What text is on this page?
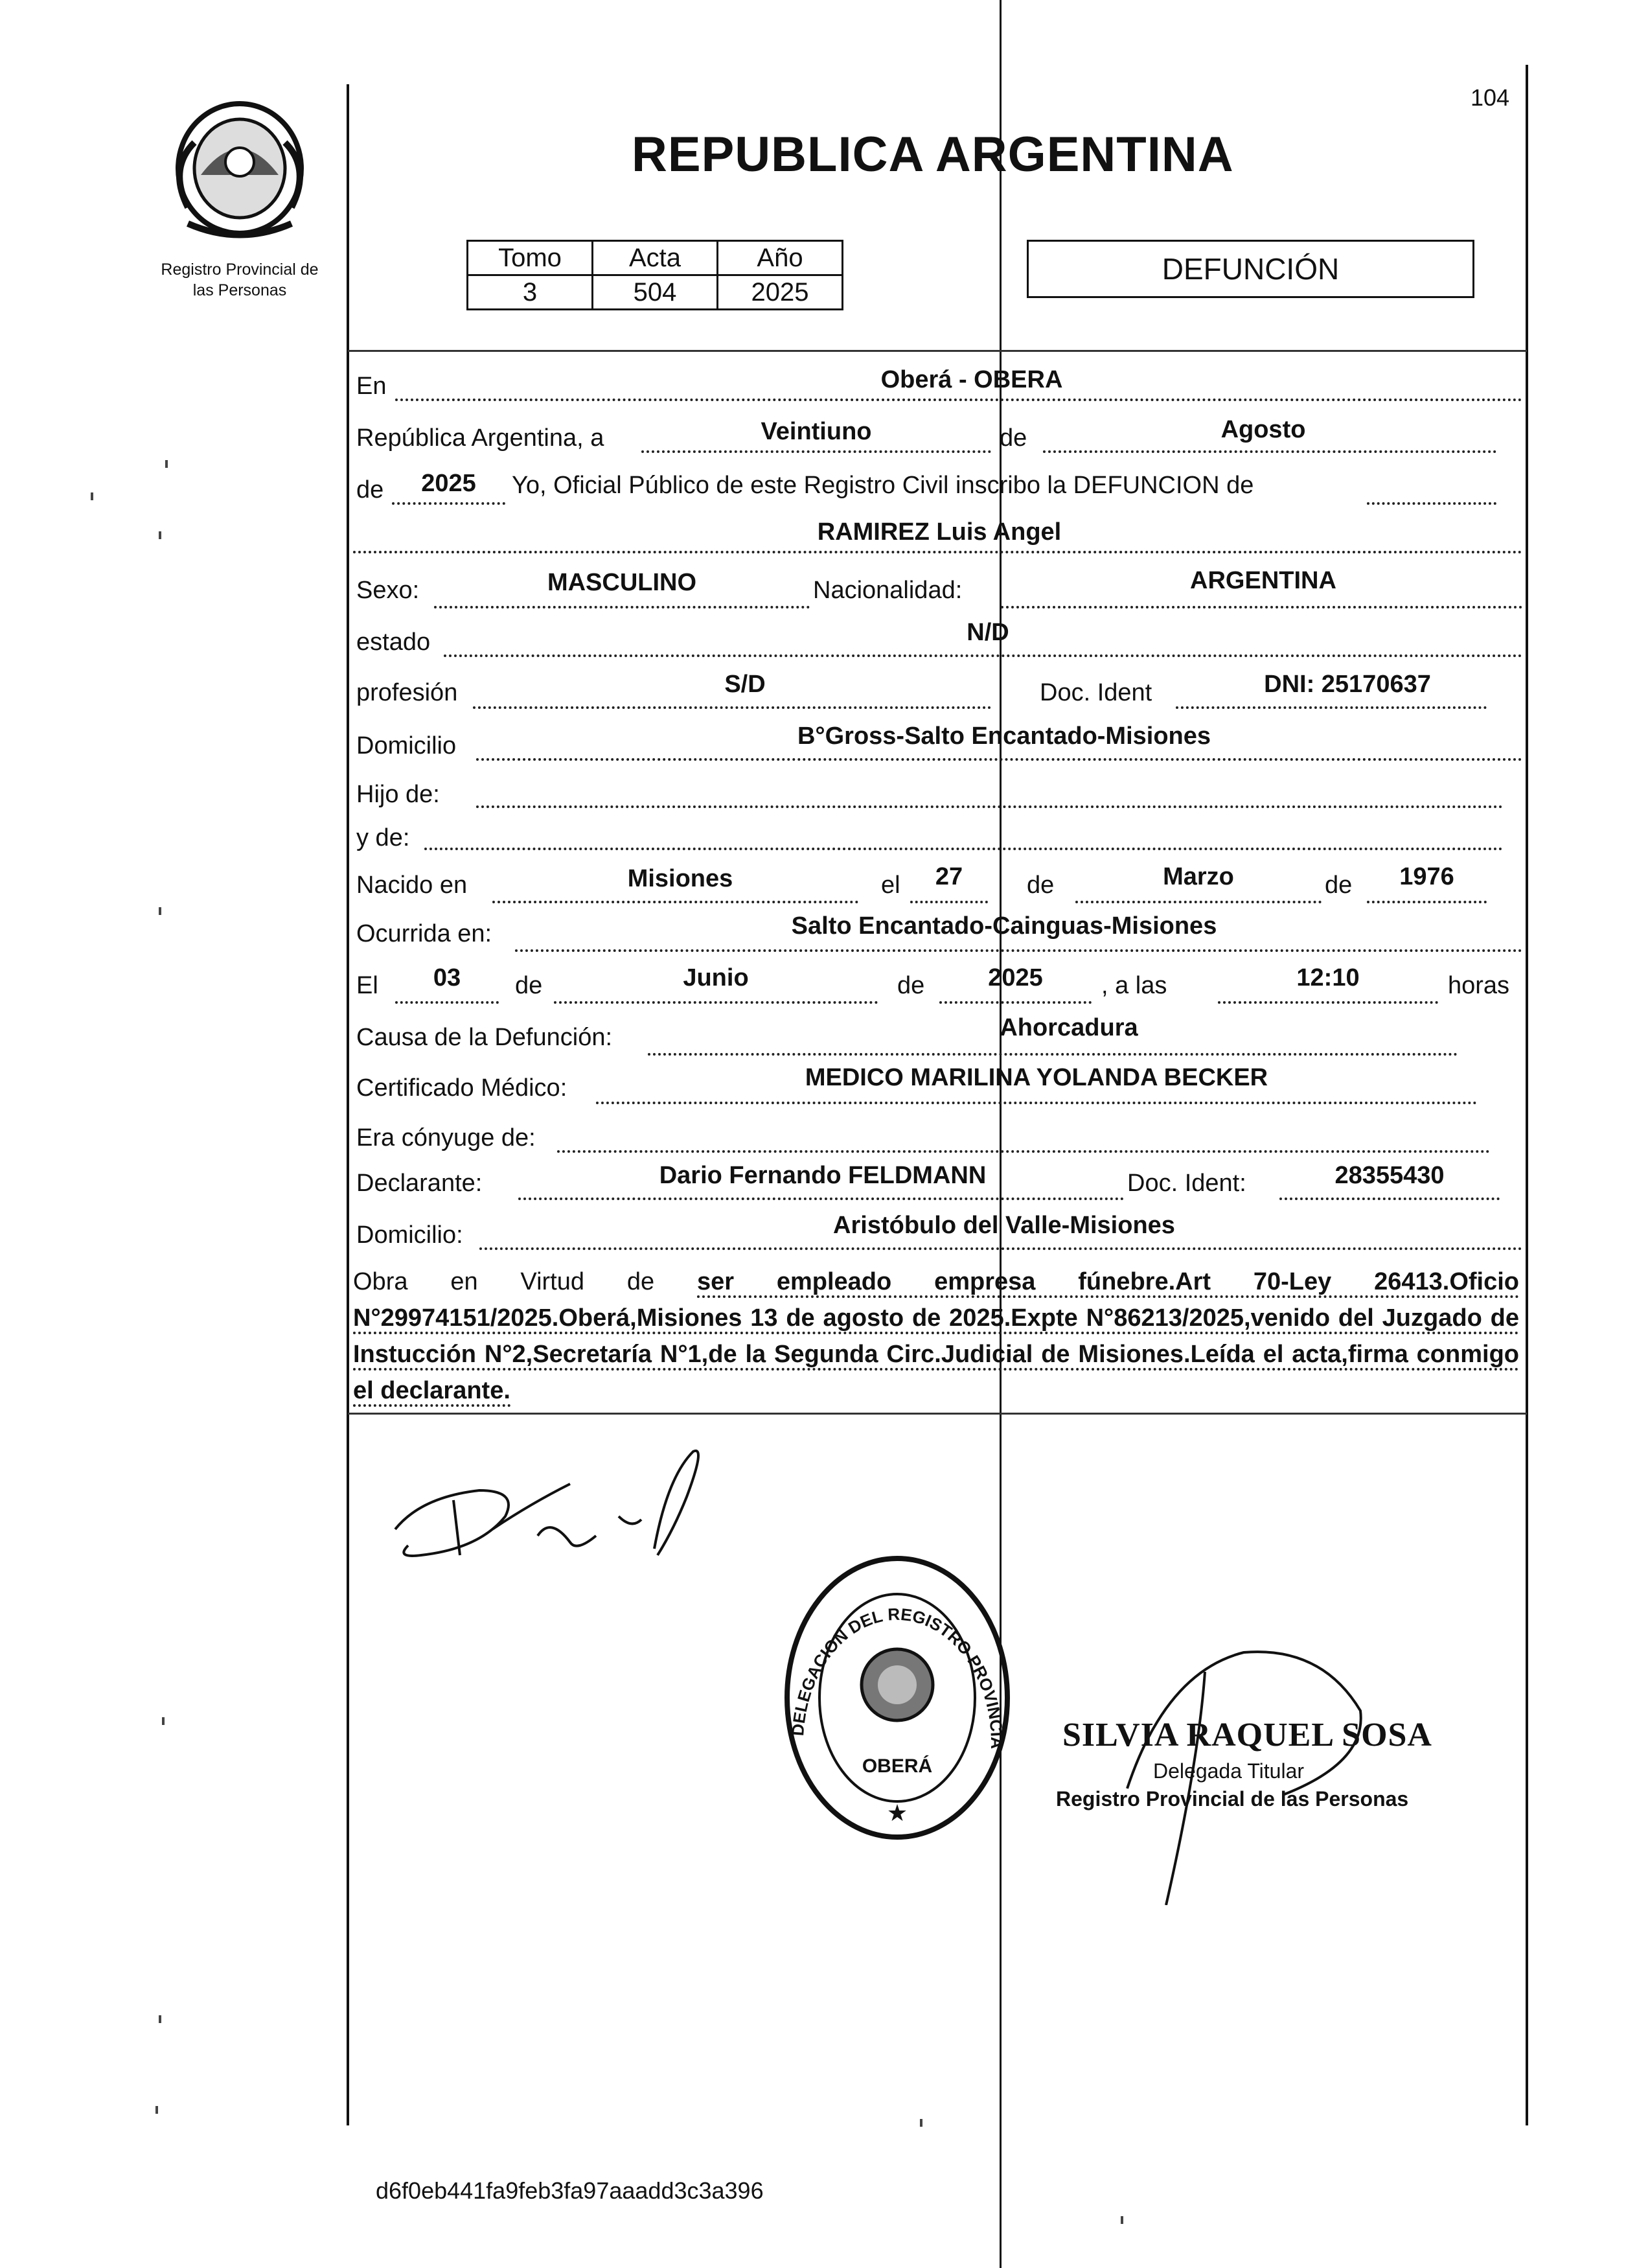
Registro Provincial de
las Personas
104
REPUBLICA ARGENTINA
Tomo	Acta	Año
3	504	2025
DEFUNCIÓN
En	Oberá - OBERA
República Argentina, a	Veintiuno	de	Agosto
de	2025	Yo, Oficial Público de este Registro Civil inscribo la DEFUNCION de
RAMIREZ Luis Angel
Sexo:	MASCULINO	Nacionalidad:	ARGENTINA
estado	N/D
profesión	S/D	Doc. Ident	DNI: 25170637
Domicilio	B°Gross-Salto Encantado-Misiones
Hijo de:
y de:
Nacido en	Misiones	el	27	de	Marzo	de	1976
Ocurrida en:	Salto Encantado-Cainguas-Misiones
El	03	de	Junio	de	2025	, a las	12:10	horas
Causa de la Defunción:	Ahorcadura
Certificado Médico:	MEDICO MARILINA YOLANDA BECKER
Era cónyuge de:
Declarante:	Dario Fernando FELDMANN	Doc. Ident:	28355430
Domicilio:	Aristóbulo del Valle-Misiones
Obra en Virtud de ser empleado empresa fúnebre.Art 70-Ley 26413.Oficio N°29974151/2025.Oberá,Misiones 13 de agosto de 2025.Expte N°86213/2025,venido del Juzgado de Instucción N°2,Secretaría N°1,de la Segunda Circ.Judicial de Misiones.Leída el acta,firma conmigo el declarante.
DELEGACION DEL REGISTRO PROVINCIA
OBERÁ
★
SILVIA RAQUEL SOSA
Delegada Titular
Registro Provincial de las Personas
d6f0eb441fa9feb3fa97aaadd3c3a396
